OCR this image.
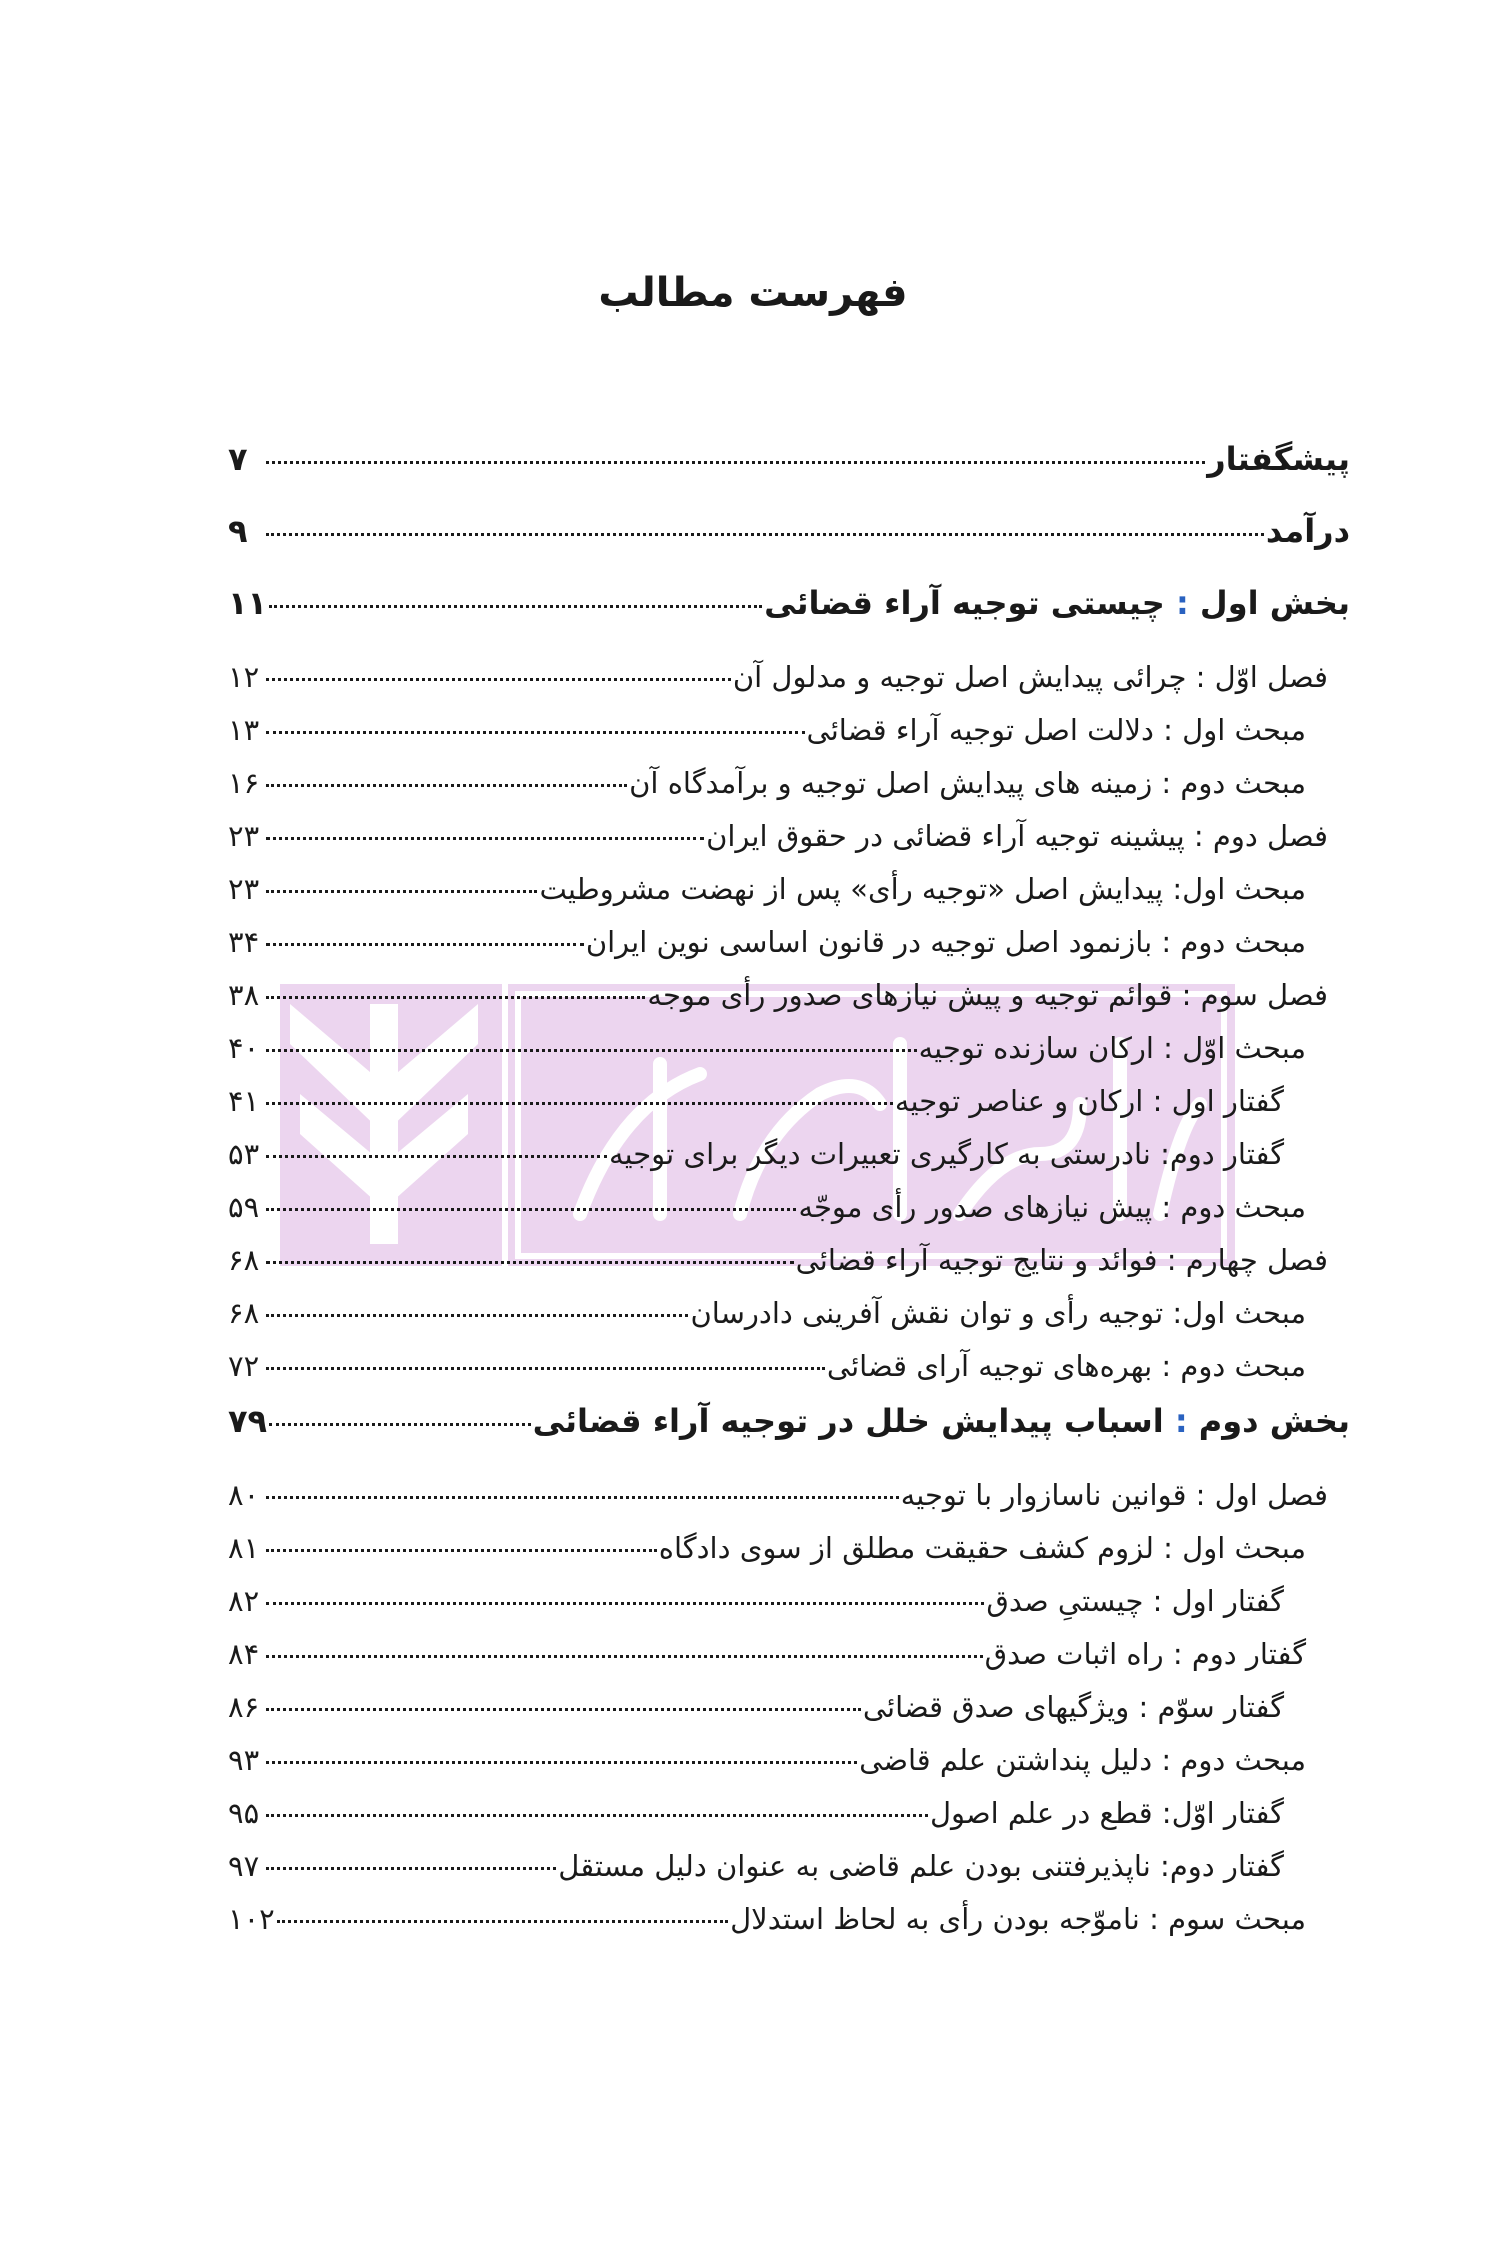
فهرست مطالب
پیشگفتار
۷
درآمد
۹
بخش اول : چیستی توجیه آراء قضائی
۱۱
فصل اوّل : چرائی پیدایش اصل توجیه و مدلول آن
۱۲
مبحث اول : دلالت اصل توجیه آراء قضائی
۱۳
مبحث دوم : زمینه های پیدایش اصل توجیه و برآمدگاه آن
۱۶
فصل دوم : پیشینه توجیه آراء قضائی در حقوق ایران
۲۳
مبحث اول: پیدایش اصل «توجیه رأی» پس از نهضت مشروطیت
۲۳
مبحث دوم : بازنمود اصل توجیه در قانون اساسی نوین ایران
۳۴
فصل سوم : قوائم توجیه و پیش نیازهای صدور رأی موجه
۳۸
مبحث اوّل : ارکان سازنده توجیه
۴۰
گفتار اول : ارکان و عناصر توجیه
۴۱
گفتار دوم: نادرستی به کارگیری تعبیرات دیگر برای توجیه
۵۳
مبحث دوم : پیش نیازهای صدور رأی موجّه
۵۹
فصل چهارم : فوائد و نتایج توجیه آراء قضائی
۶۸
مبحث اول: توجیه رأی و توان نقش آفرینی دادرسان
۶۸
مبحث دوم : بهره‌های توجیه آرای قضائی
۷۲
بخش دوم : اسباب پیدایش خلل در توجیه آراء قضائی
۷۹
فصل اول : قوانین ناسازوار با توجیه
۸۰
مبحث اول : لزوم کشف حقیقت مطلق از سوی دادگاه
۸۱
گفتار اول : چیستیِ صدق
۸۲
گفتار دوم : راه اثبات صدق
۸۴
گفتار سوّم : ویژگیهای صدق قضائی
۸۶
مبحث دوم : دلیل پنداشتن علم قاضی
۹۳
گفتار اوّل: قطع در علم اصول
۹۵
گفتار دوم: ناپذیرفتنی بودن علم قاضی به عنوان دلیل مستقل
۹۷
مبحث سوم : ناموّجه بودن رأی به لحاظ استدلال
۱۰۲
